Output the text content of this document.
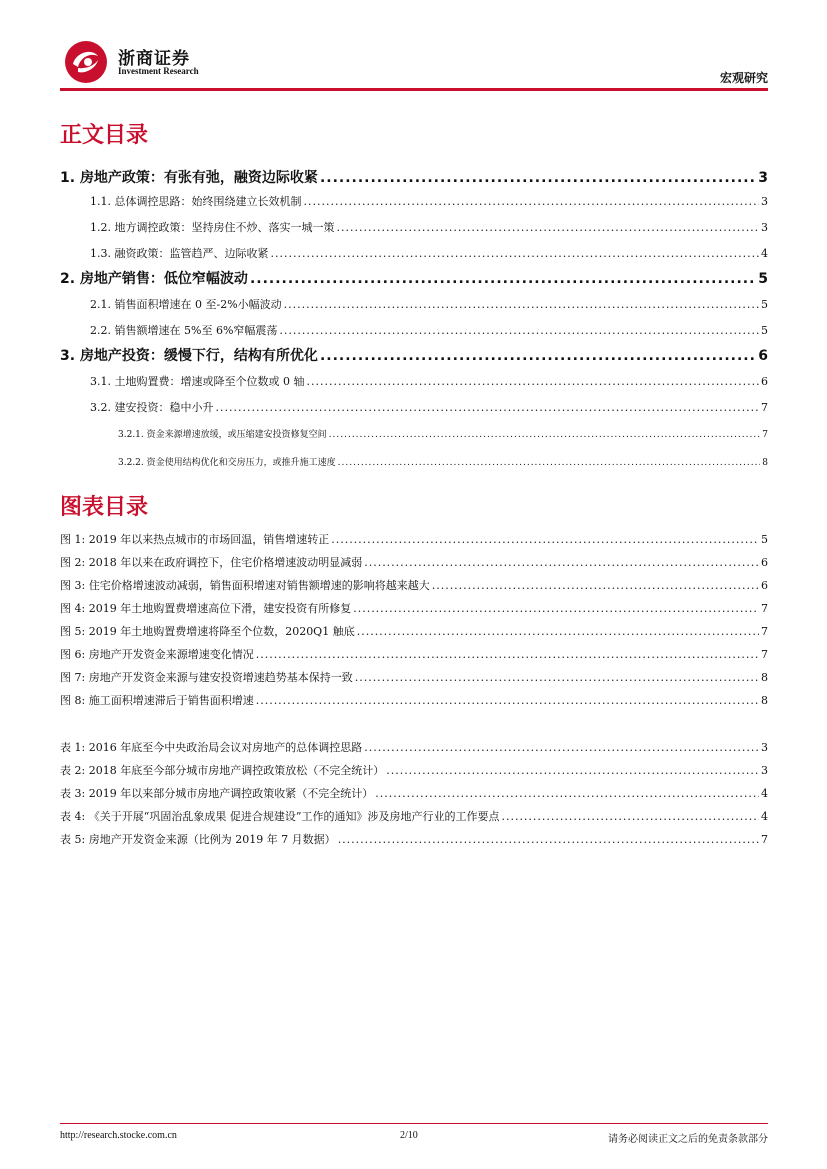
浙商证券
Investment Research	宏观研究
正文目录
1. 房地产政策：有张有弛，融资边际收紧 .....	3
1.1. 总体调控思路：始终围绕建立长效机制 .....	3
1.2. 地方调控政策：坚持房住不炒、落实一城一策 .....	3
1.3. 融资政策：监管趋严、边际收紧 .....	4
2. 房地产销售：低位窄幅波动 .....	5
2.1. 销售面积增速在 0 至-2%小幅波动 .....	5
2.2. 销售额增速在 5%至 6%窄幅震荡 .....	5
3. 房地产投资：缓慢下行，结构有所优化 .....	6
3.1. 土地购置费：增速或降至个位数或 0 轴 .....	6
3.2. 建安投资：稳中小升 .....	7
3.2.1. 资金来源增速放缓，或压缩建安投资修复空间 .....	7
3.2.2. 资金使用结构优化和交房压力，或推升施工速度 .....	8
图表目录
图 1: 2019 年以来热点城市的市场回温，销售增速转正 .....	5
图 2: 2018 年以来在政府调控下，住宅价格增速波动明显减弱 .....	6
图 3: 住宅价格增速波动减弱，销售面积增速对销售额增速的影响将越来越大 .....	6
图 4: 2019 年土地购置费增速高位下滑，建安投资有所修复 .....	7
图 5: 2019 年土地购置费增速将降至个位数，2020Q1 触底 .....	7
图 6: 房地产开发资金来源增速变化情况 .....	7
图 7: 房地产开发资金来源与建安投资增速趋势基本保持一致 .....	8
图 8: 施工面积增速滞后于销售面积增速 .....	8
表 1: 2016 年底至今中央政治局会议对房地产的总体调控思路 .....	3
表 2: 2018 年底至今部分城市房地产调控政策放松（不完全统计） .....	3
表 3: 2019 年以来部分城市房地产调控政策收紧（不完全统计） .....	4
表 4: 《关于开展“巩固治乱象成果 促进合规建设”工作的通知》涉及房地产行业的工作要点 .....	4
表 5: 房地产开发资金来源（比例为 2019 年 7 月数据） .....	7
http://research.stocke.com.cn	2/10	请务必阅读正文之后的免责条款部分
